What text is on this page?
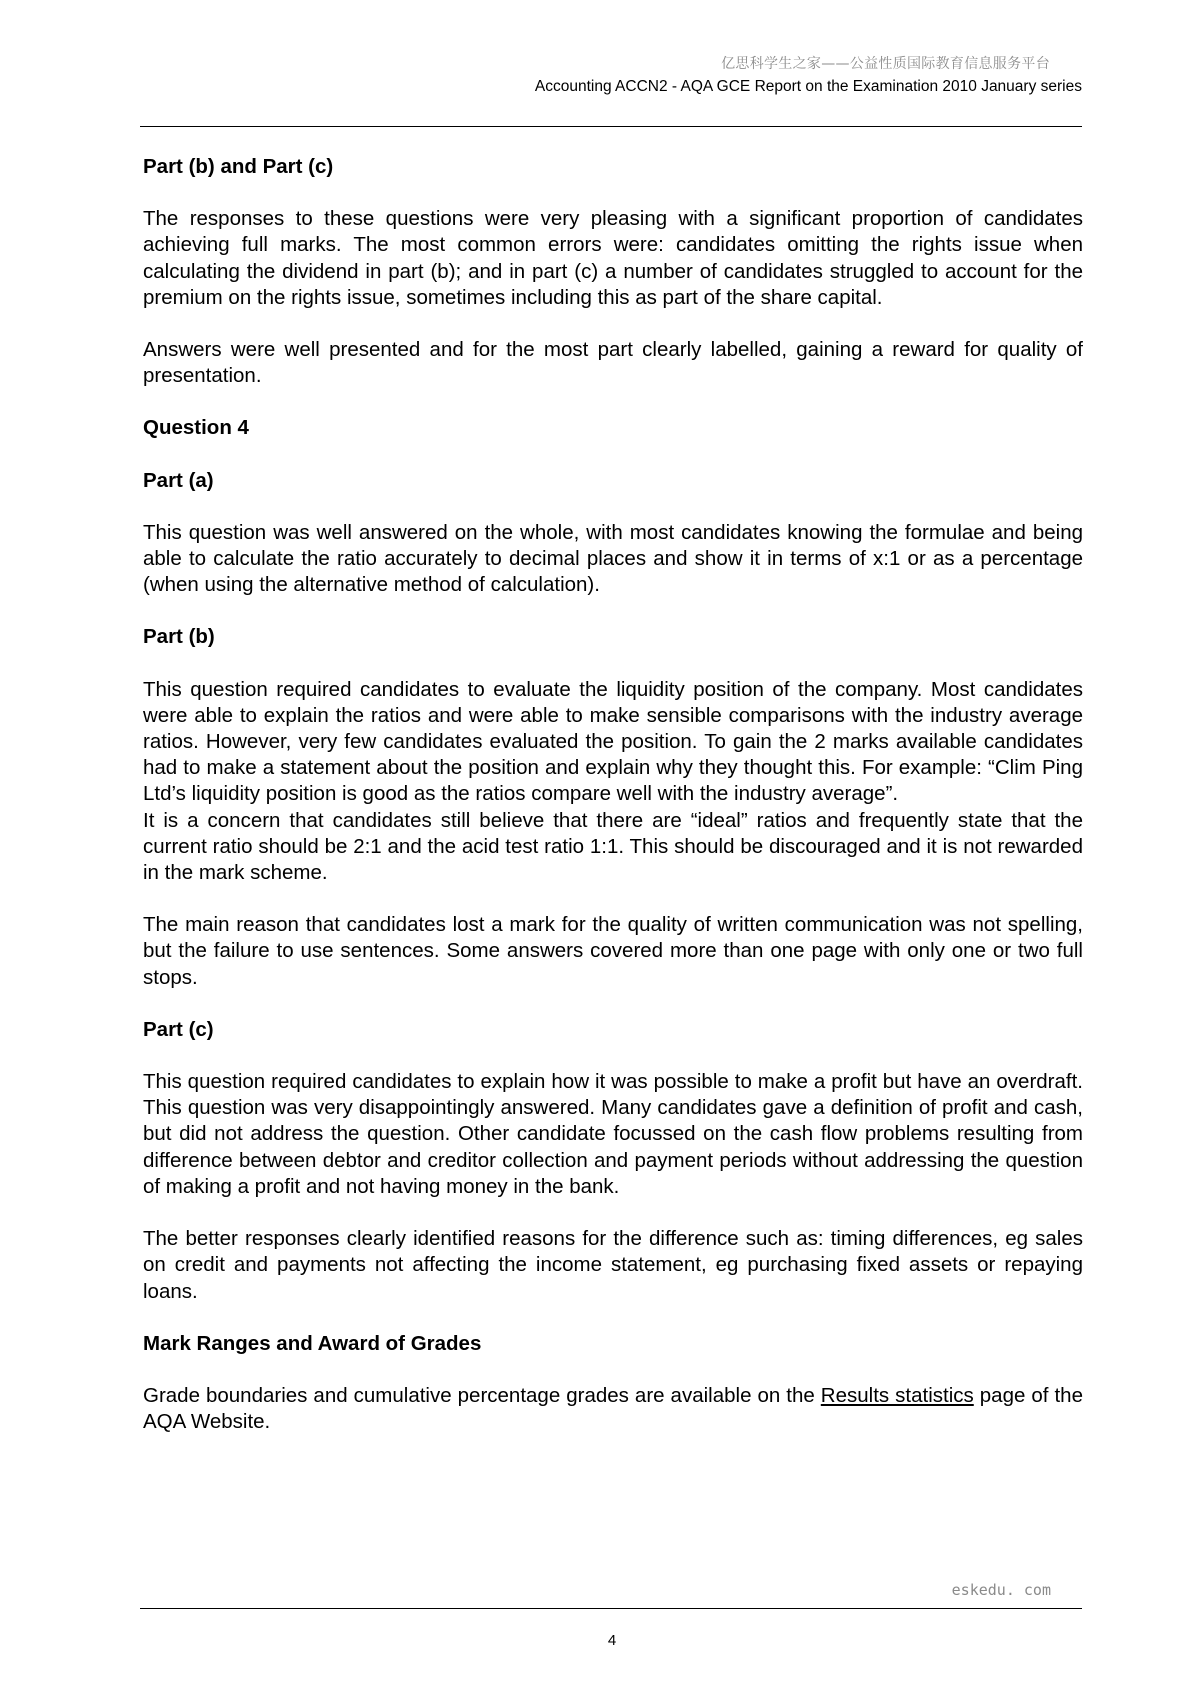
亿思科学生之家——公益性质国际教育信息服务平台
Accounting ACCN2 - AQA GCE Report on the Examination 2010 January series
Part (b) and Part (c)

The responses to these questions were very pleasing with a significant proportion of candidates achieving full marks. The most common errors were: candidates omitting the rights issue when calculating the dividend in part (b); and in part (c) a number of candidates struggled to account for the premium on the rights issue, sometimes including this as part of the share capital.

Answers were well presented and for the most part clearly labelled, gaining a reward for quality of presentation.

Question 4
Part (a)

This question was well answered on the whole, with most candidates knowing the formulae and being able to calculate the ratio accurately to decimal places and show it in terms of x:1 or as a percentage (when using the alternative method of calculation).

Part (b)

This question required candidates to evaluate the liquidity position of the company. Most candidates were able to explain the ratios and were able to make sensible comparisons with the industry average ratios. However, very few candidates evaluated the position. To gain the 2 marks available candidates had to make a statement about the position and explain why they thought this. For example: “Clim Ping Ltd’s liquidity position is good as the ratios compare well with the industry average”.

It is a concern that candidates still believe that there are “ideal” ratios and frequently state that the current ratio should be 2:1 and the acid test ratio 1:1. This should be discouraged and it is not rewarded in the mark scheme.

The main reason that candidates lost a mark for the quality of written communication was not spelling, but the failure to use sentences. Some answers covered more than one page with only one or two full stops.

Part (c)

This question required candidates to explain how it was possible to make a profit but have an overdraft. This question was very disappointingly answered. Many candidates gave a definition of profit and cash, but did not address the question. Other candidate focussed on the cash flow problems resulting from difference between debtor and creditor collection and payment periods without addressing the question of making a profit and not having money in the bank.

The better responses clearly identified reasons for the difference such as: timing differences, eg sales on credit and payments not affecting the income statement, eg purchasing fixed assets or repaying loans.

Mark Ranges and Award of Grades

Grade boundaries and cumulative percentage grades are available on the Results statistics page of the AQA Website.

eskedu. com
4
